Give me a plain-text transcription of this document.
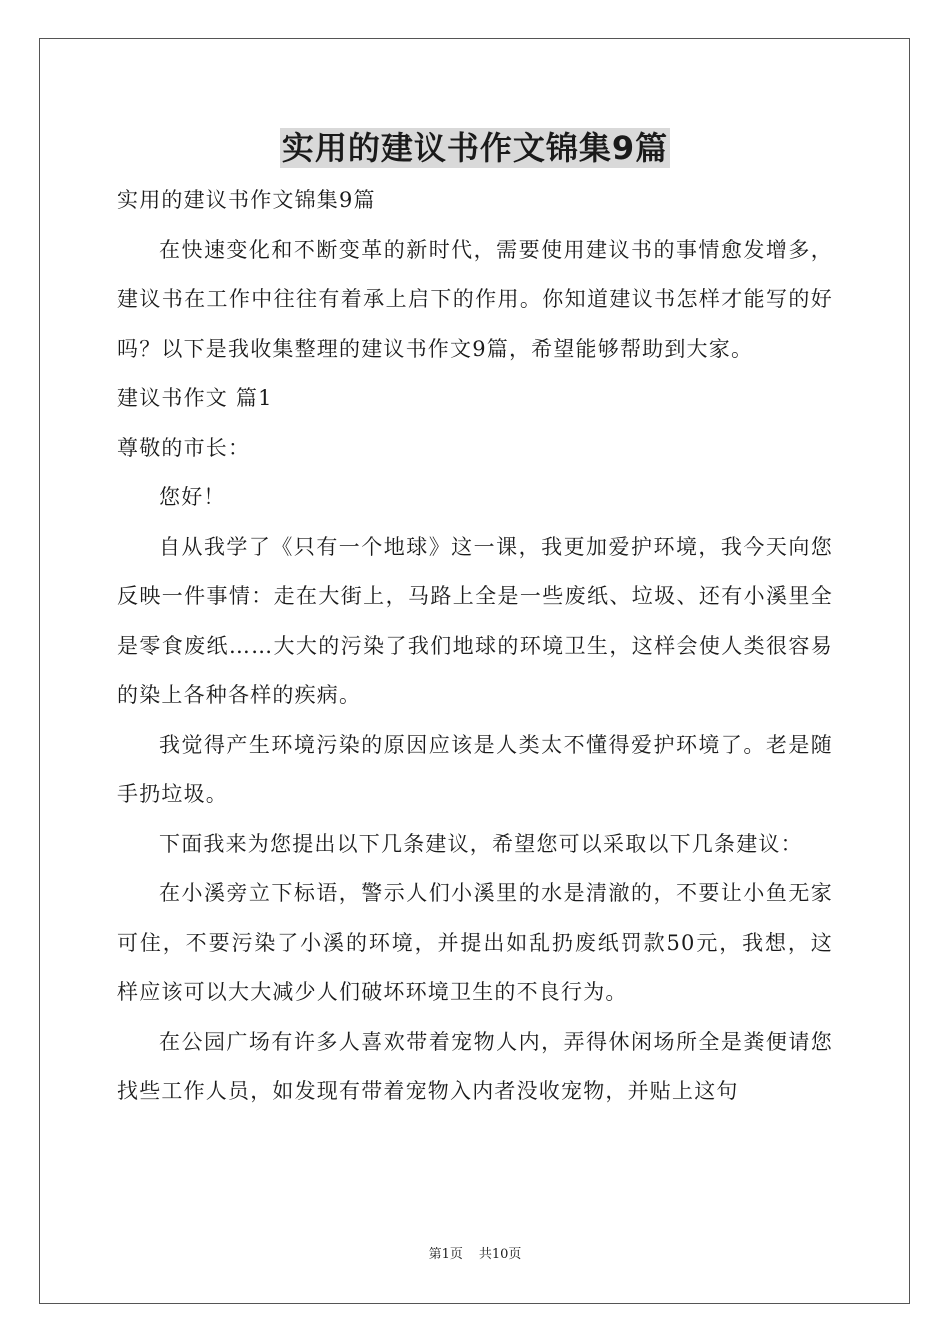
实用的建议书作文锦集9篇

实用的建议书作文锦集9篇

在快速变化和不断变革的新时代，需要使用建议书的事情愈发增多，建议书在工作中往往有着承上启下的作用。你知道建议书怎样才能写的好吗？以下是我收集整理的建议书作文9篇，希望能够帮助到大家。

建议书作文 篇1

尊敬的市长：

您好！

自从我学了《只有一个地球》这一课，我更加爱护环境，我今天向您反映一件事情：走在大街上，马路上全是一些废纸、垃圾、还有小溪里全是零食废纸……大大的污染了我们地球的环境卫生，这样会使人类很容易的染上各种各样的疾病。

我觉得产生环境污染的原因应该是人类太不懂得爱护环境了。老是随手扔垃圾。

下面我来为您提出以下几条建议，希望您可以采取以下几条建议：

在小溪旁立下标语，警示人们小溪里的水是清澈的，不要让小鱼无家可住，不要污染了小溪的环境，并提出如乱扔废纸罚款50元，我想，这样应该可以大大减少人们破坏环境卫生的不良行为。

在公园广场有许多人喜欢带着宠物人内，弄得休闲场所全是粪便请您找些工作人员，如发现有带着宠物入内者没收宠物，并贴上这句

第1页 共10页
